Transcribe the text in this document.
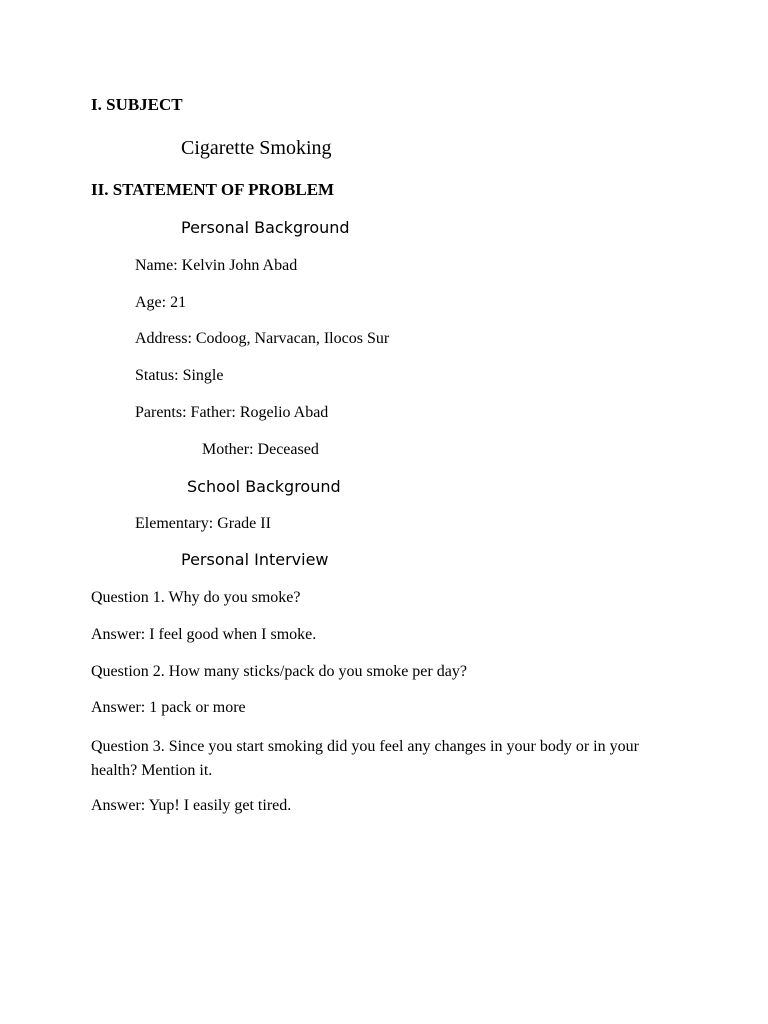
I. SUBJECT
Cigarette Smoking
II. STATEMENT OF PROBLEM
Personal Background
Name: Kelvin John Abad
Age: 21
Address: Codoog, Narvacan, Ilocos Sur
Status: Single
Parents: Father: Rogelio Abad
Mother: Deceased
School Background
Elementary: Grade II
Personal Interview
Question 1. Why do you smoke?
Answer: I feel good when I smoke.
Question 2. How many sticks/pack do you smoke per day?
Answer: 1 pack or more
Question 3. Since you start smoking did you feel any changes in your body or in your health? Mention it.
Answer: Yup! I easily get tired.
